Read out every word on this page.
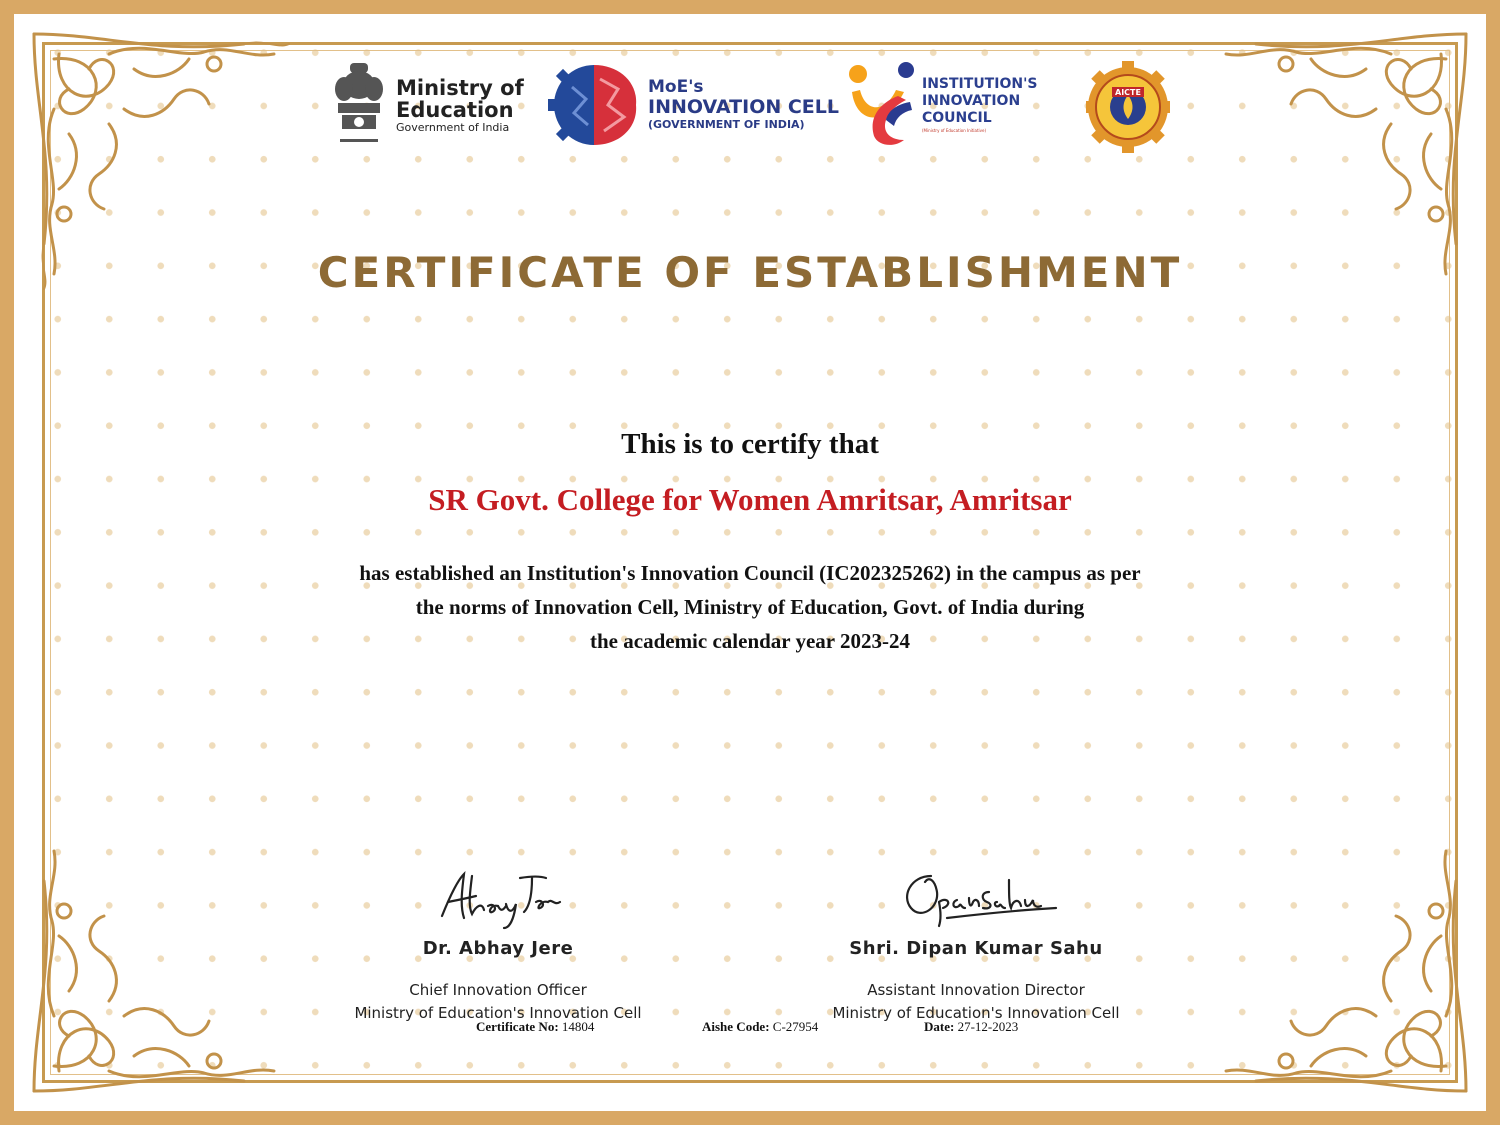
Ministry of
Education
Government of India
MoE's
INNOVATION CELL
(GOVERNMENT OF INDIA)
INSTITUTION'S
INNOVATION
COUNCIL
(Ministry of Education Initiative)
AICTE
CERTIFICATE OF ESTABLISHMENT
This is to certify that
SR Govt. College for Women Amritsar, Amritsar
has established an Institution's Innovation Council (IC202325262) in the campus as per
the norms of Innovation Cell, Ministry of Education, Govt. of India during
the academic calendar year 2023-24
Dr. Abhay Jere
Chief Innovation Officer
Ministry of Education's Innovation Cell
Shri. Dipan Kumar Sahu
Assistant Innovation Director
Ministry of Education's Innovation Cell
Certificate No: 14804	Aishe Code: C-27954	Date: 27-12-2023
